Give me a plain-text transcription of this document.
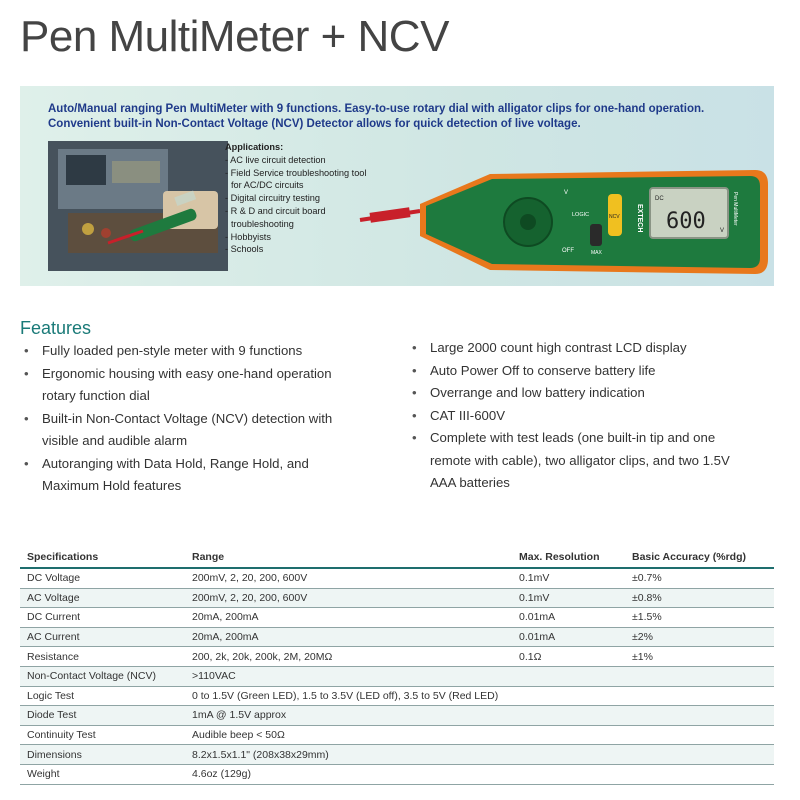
Pen MultiMeter + NCV

Auto/Manual ranging Pen MultiMeter with 9 functions. Easy-to-use rotary dial with alligator clips for one-hand operation. Convenient built-in Non-Contact Voltage (NCV) Detector allows for quick detection of live voltage.

Applications:
- AC live circuit detection
- Field Service troubleshooting tool for AC/DC circuits
- Digital circuitry testing
- R & D and circuit board troubleshooting
- Hobbyists
- Schools
V
OFF
LOGIC
MAX
NCV EXTECH
DC
600 V
Pen MultiMeter
Features
• Fully loaded pen-style meter with 9 functions
• Ergonomic housing with easy one-hand operation rotary function dial
• Built-in Non-Contact Voltage (NCV) detection with visible and audible alarm
• Autoranging with Data Hold, Range Hold, and Maximum Hold features
• Large 2000 count high contrast LCD display
• Auto Power Off to conserve battery life
• Overrange and low battery indication
• CAT III-600V
• Complete with test leads (one built-in tip and one remote with cable), two alligator clips, and two 1.5V AAA batteries
Specifications	Range	Max. Resolution	Basic Accuracy (%rdg)
DC Voltage	200mV, 2, 20, 200, 600V	0.1mV	±0.7%
AC Voltage	200mV, 2, 20, 200, 600V	0.1mV	±0.8%
DC Current	20mA, 200mA	0.01mA	±1.5%
AC Current	20mA, 200mA	0.01mA	±2%
Resistance	200, 2k, 20k, 200k, 2M, 20MΩ	0.1Ω	±1%
Non-Contact Voltage (NCV)	>110VAC		
Logic Test	0 to 1.5V (Green LED), 1.5 to 3.5V (LED off), 3.5 to 5V (Red LED)		
Diode Test	1mA @ 1.5V approx		
Continuity Test	Audible beep < 50Ω		
Dimensions	8.2x1.5x1.1" (208x38x29mm)		
Weight	4.6oz (129g)		
